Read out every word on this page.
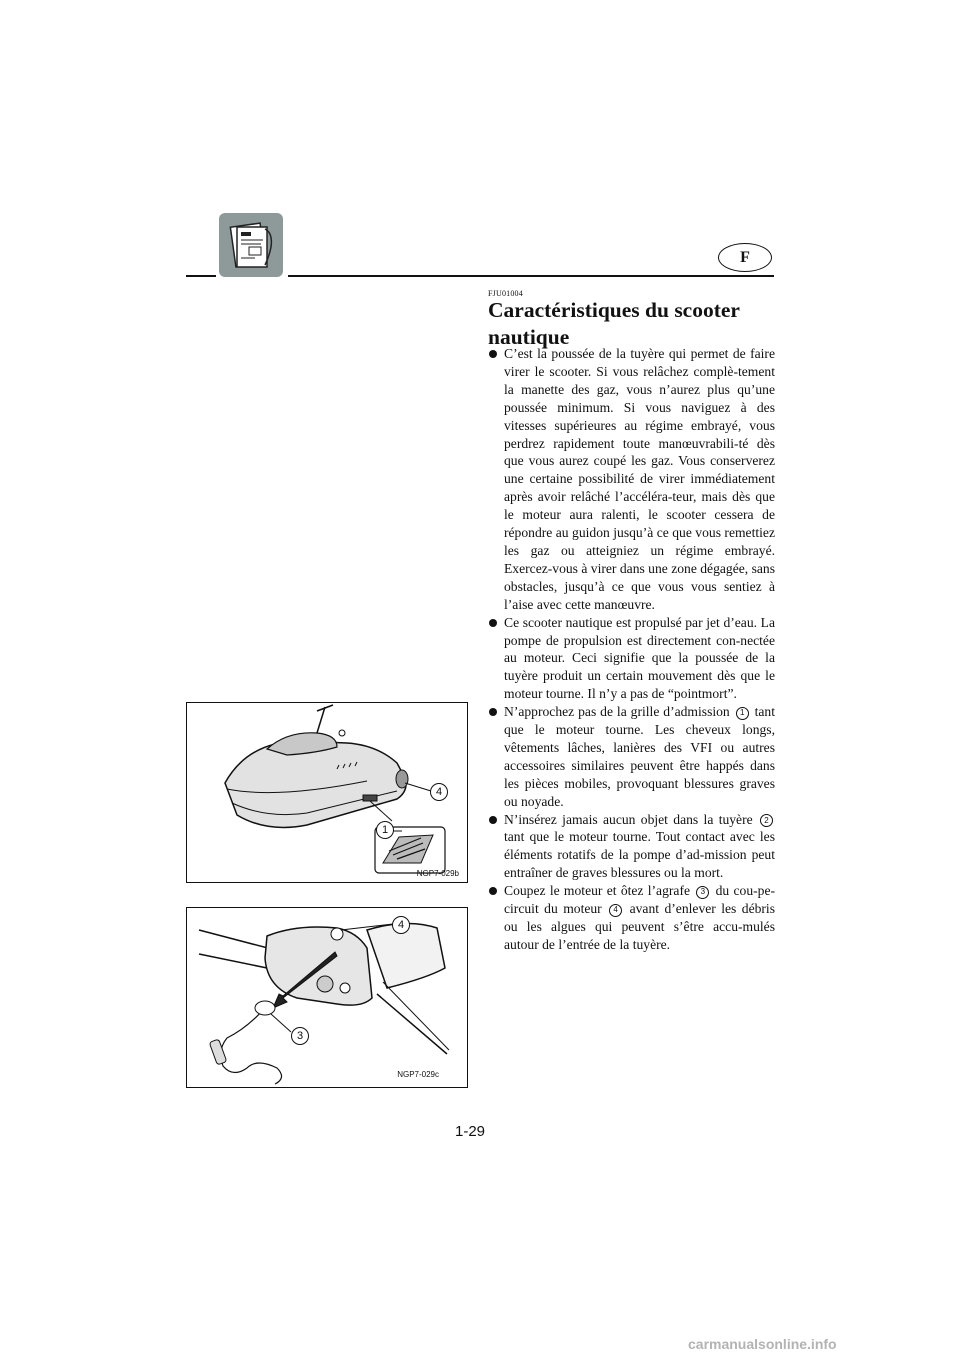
F
FJU01004
Caractéristiques du scooter nautique
C’est la poussée de la tuyère qui permet de faire virer le scooter. Si vous relâchez complè-tement la manette des gaz, vous n’aurez plus qu’une poussée minimum. Si vous naviguez à des vitesses supérieures au régime embrayé, vous perdrez rapidement toute manœuvrabili-té dès que vous aurez coupé les gaz. Vous conserverez une certaine possibilité de virer immédiatement après avoir relâché l’accéléra-teur, mais dès que le moteur aura ralenti, le scooter cessera de répondre au guidon jusqu’à ce que vous remettiez les gaz ou atteigniez un régime embrayé. Exercez-vous à virer dans une zone dégagée, sans obstacles, jusqu’à ce que vous vous sentiez à l’aise avec cette manœuvre.
Ce scooter nautique est propulsé par jet d’eau. La pompe de propulsion est directement con-nectée au moteur. Ceci signifie que la poussée de la tuyère produit un certain mouvement dès que le moteur tourne. Il n’y a pas de “pointmort”.
N’approchez pas de la grille d’admission 1 tant que le moteur tourne. Les cheveux longs, vêtements lâches, lanières des VFI ou autres accessoires similaires peuvent être happés dans les pièces mobiles, provoquant blessures graves ou noyade.
N’insérez jamais aucun objet dans la tuyère 2 tant que le moteur tourne. Tout contact avec les éléments rotatifs de la pompe d’ad-mission peut entraîner de graves blessures ou la mort.
Coupez le moteur et ôtez l’agrafe 3 du cou-pe-circuit du moteur 4 avant d’enlever les débris ou les algues qui peuvent s’être accu-mulés autour de l’entrée de la tuyère.
4
1
NGP7-029b
4
3
NGP7-029c
1-29
carmanualsonline.info
